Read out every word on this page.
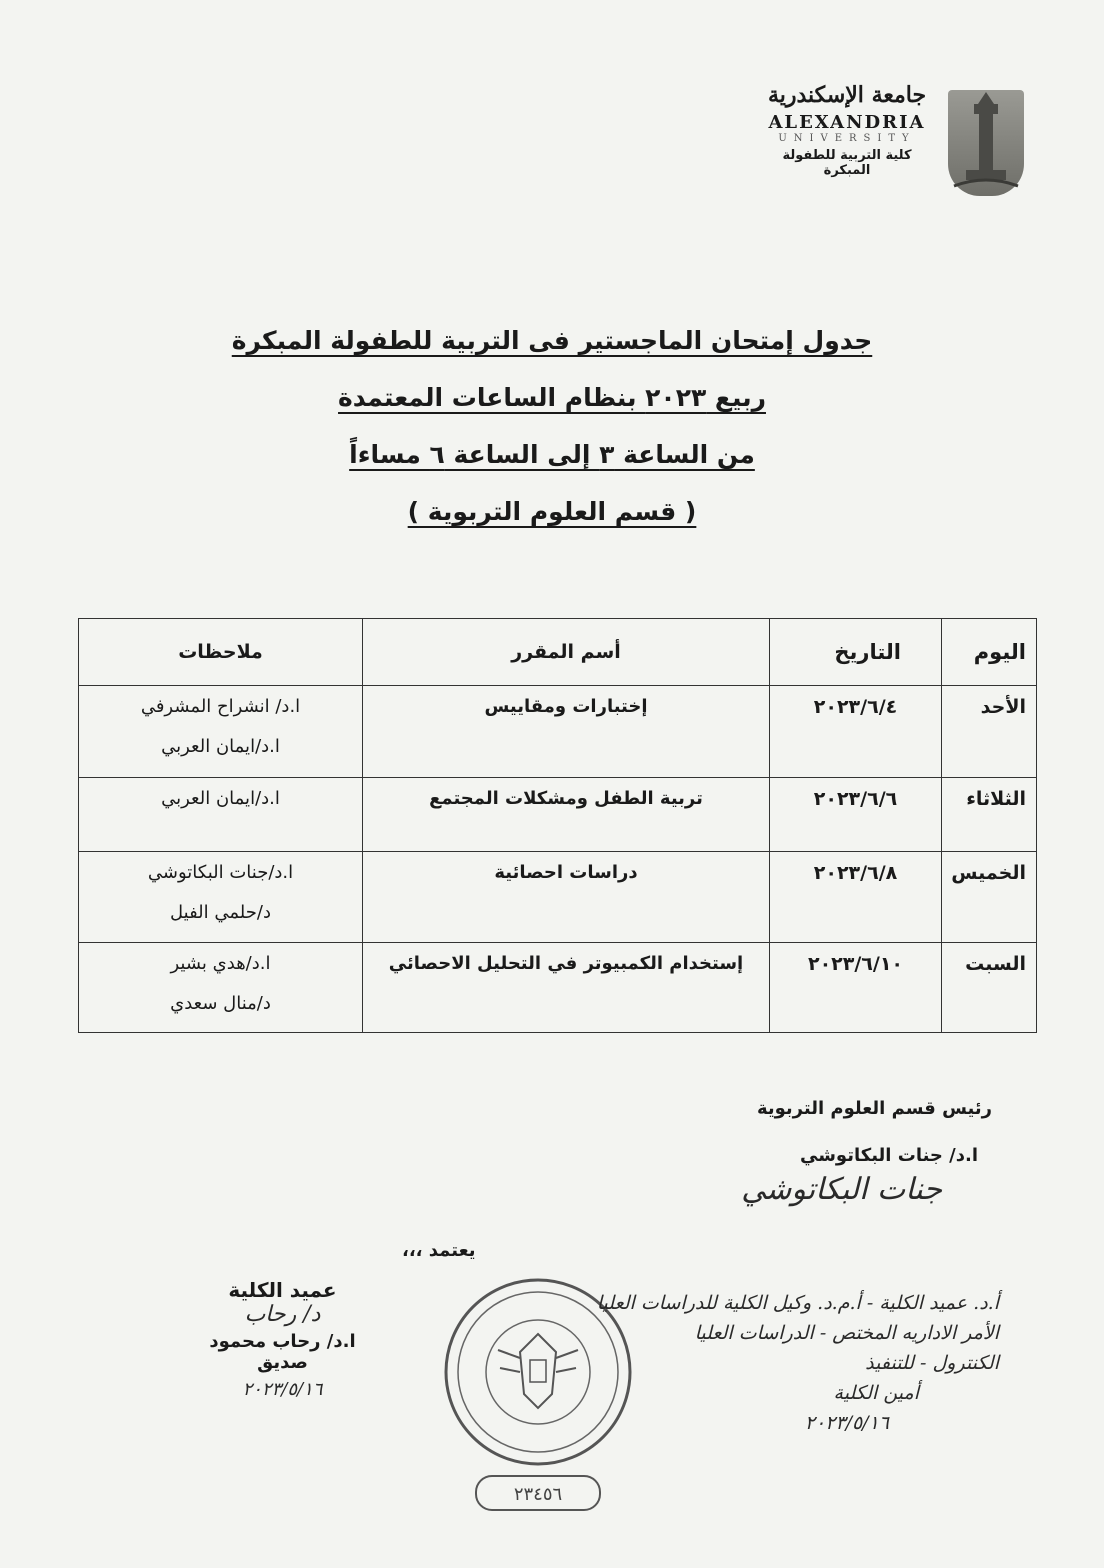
جامعة الإسكندرية
ALEXANDRIA
UNIVERSITY
كلية التربية للطفولة المبكرة
جدول إمتحان الماجستير فى التربية للطفولة المبكرة
ربيع ٢٠٢٣ بنظام الساعات المعتمدة
من الساعة ٣ إلى الساعة ٦ مساءاً
( قسم العلوم التربوية )
اليوم	التاريخ	أسم المقرر	ملاحظات
الأحد	٢٠٢٣/٦/٤	إختبارات ومقاييس	ا.د/ انشراح المشرفي
ا.د/ايمان العربي

الثلاثاء	٢٠٢٣/٦/٦	تربية الطفل ومشكلات المجتمع	ا.د/ايمان العربي

الخميس	٢٠٢٣/٦/٨	دراسات احصائية	ا.د/جنات البكاتوشي
د/حلمي الفيل

السبت	٢٠٢٣/٦/١٠	إستخدام الكمبيوتر في التحليل الاحصائي	ا.د/هدي بشير
د/منال سعدي
رئيس قسم العلوم التربوية
ا.د/ جنات البكاتوشي
جنات البكاتوشي
يعتمد ،،،
٢٣٤٥٦
عميد الكلية
د/ رحاب
ا.د/ رحاب محمود صديق
٢٠٢٣/٥/١٦
أ.د. عميد الكلية - أ.م.د. وكيل الكلية للدراسات العليا
الأمر الاداريه المختص - الدراسات العليا
الكنترول - للتنفيذ
أمين الكلية
٢٠٢٣/٥/١٦
